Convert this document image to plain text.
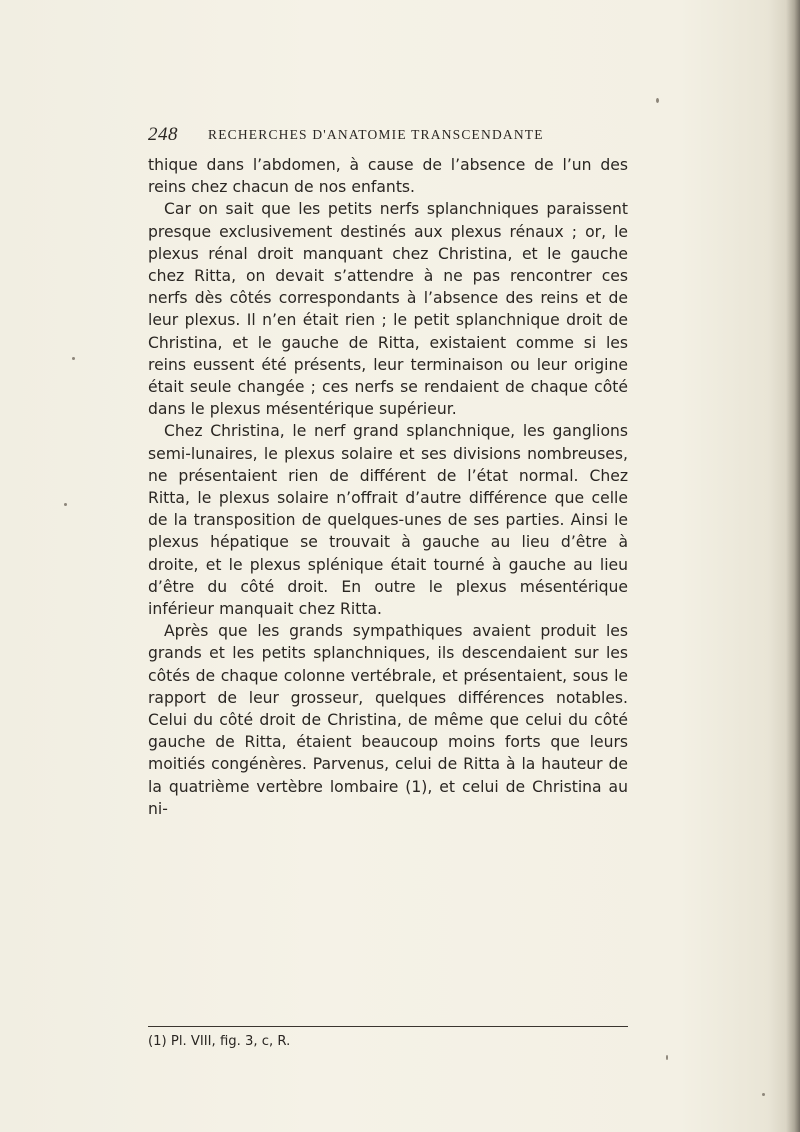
248 RECHERCHES D'ANATOMIE TRANSCENDANTE

thique dans l’abdomen, à cause de l’absence de l’un des reins chez chacun de nos enfants.

Car on sait que les petits nerfs splanchniques paraissent presque exclusivement destinés aux plexus rénaux ; or, le plexus rénal droit manquant chez Christina, et le gauche chez Ritta, on devait s’attendre à ne pas rencontrer ces nerfs dès côtés correspondants à l’absence des reins et de leur plexus. Il n’en était rien ; le petit splanchnique droit de Christina, et le gauche de Ritta, existaient comme si les reins eussent été présents, leur terminaison ou leur origine était seule changée ; ces nerfs se rendaient de chaque côté dans le plexus mésentérique supérieur.

Chez Christina, le nerf grand splanchnique, les ganglions semi-lunaires, le plexus solaire et ses divisions nombreuses, ne présentaient rien de différent de l’état normal. Chez Ritta, le plexus solaire n’offrait d’autre différence que celle de la transposition de quelques-unes de ses parties. Ainsi le plexus hépatique se trouvait à gauche au lieu d’être à droite, et le plexus splénique était tourné à gauche au lieu d’être du côté droit. En outre le plexus mésentérique inférieur manquait chez Ritta.

Après que les grands sympathiques avaient produit les grands et les petits splanchniques, ils descendaient sur les côtés de chaque colonne vertébrale, et présentaient, sous le rapport de leur grosseur, quelques différences notables. Celui du côté droit de Christina, de même que celui du côté gauche de Ritta, étaient beaucoup moins forts que leurs moitiés congénères. Parvenus, celui de Ritta à la hauteur de la quatrième vertèbre lombaire (1), et celui de Christina au ni-

(1) Pl. VIII, fig. 3, c, R.
